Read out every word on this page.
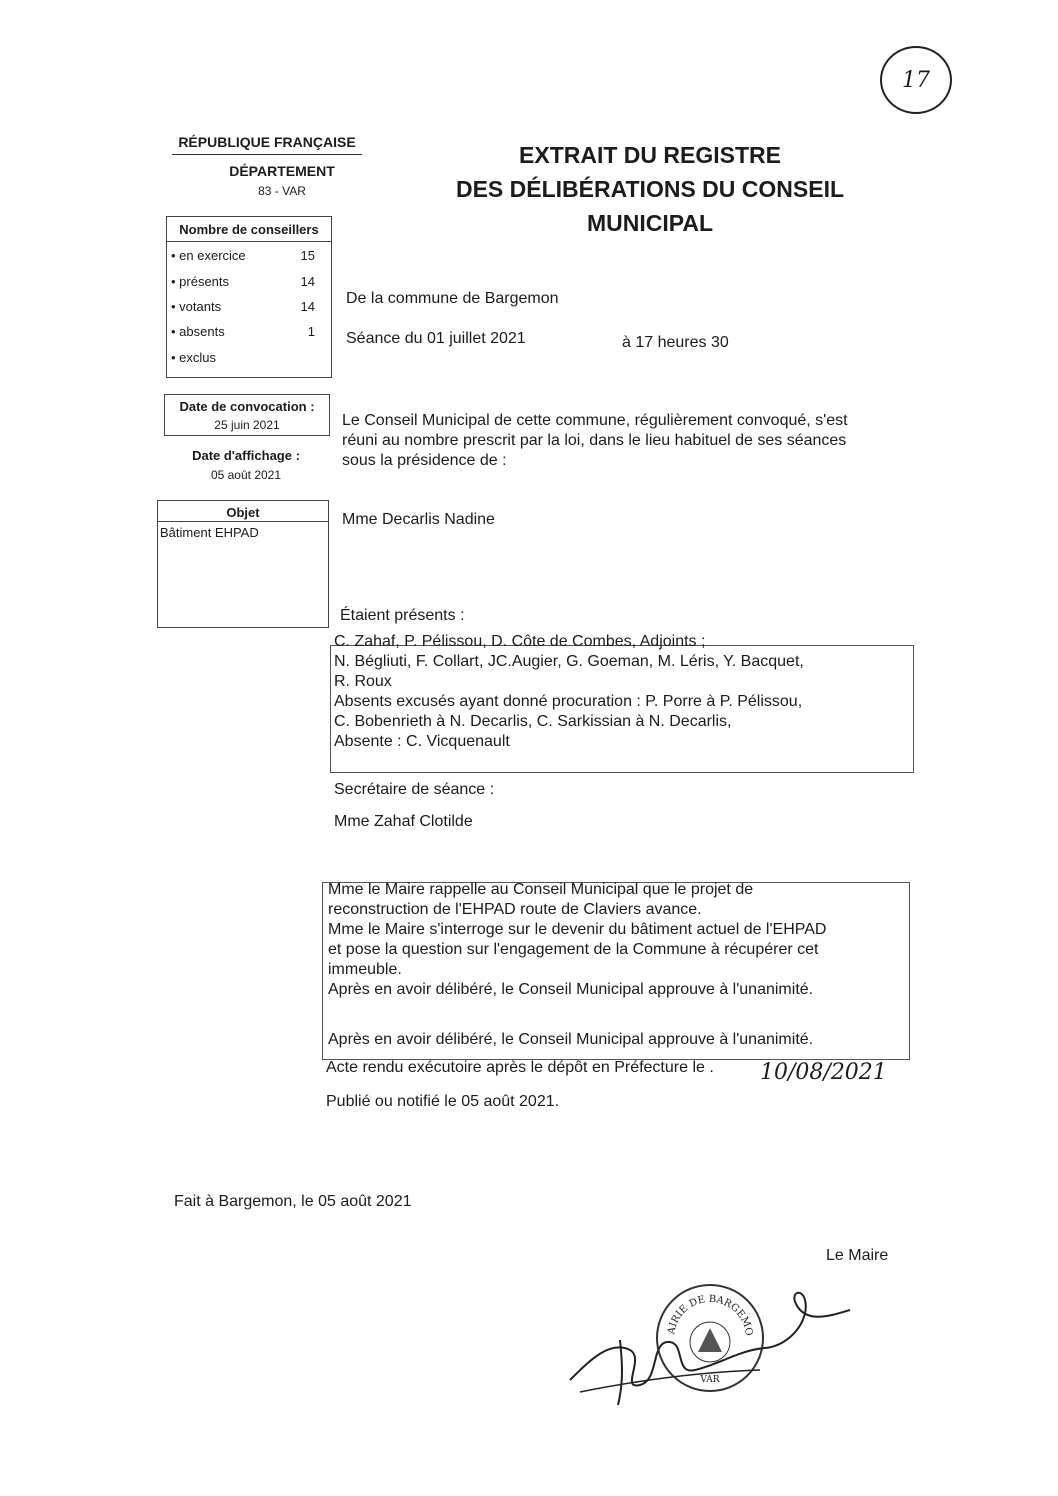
17
RÉPUBLIQUE FRANÇAISE
DÉPARTEMENT
83 - VAR
EXTRAIT DU REGISTRE
DES DÉLIBÉRATIONS DU CONSEIL
MUNICIPAL
Nombre de conseillers
• en exercice	15
• présents	14
• votants	14
• absents	1
• exclus
Date de convocation :
25 juin 2021
Date d'affichage :
05 août 2021
Objet
Bâtiment EHPAD
De la commune de Bargemon
Séance du 01 juillet 2021	à 17 heures 30
Le Conseil Municipal de cette commune, régulièrement convoqué, s'est
réuni au nombre prescrit par la loi, dans le lieu habituel de ses séances
sous la présidence de :
Mme Decarlis Nadine
Étaient présents :
C. Zahaf, P. Pélissou, D. Côte de Combes, Adjoints ;
N. Bégliuti, F. Collart, JC.Augier, G. Goeman, M. Léris, Y. Bacquet,
R. Roux
Absents excusés ayant donné procuration : P. Porre à P. Pélissou,
C. Bobenrieth à N. Decarlis, C. Sarkissian à N. Decarlis,
Absente : C. Vicquenault
Secrétaire de séance :
Mme Zahaf Clotilde
Mme le Maire rappelle au Conseil Municipal que le projet de
reconstruction de l'EHPAD route de Claviers avance.
Mme le Maire s'interroge sur le devenir du bâtiment actuel de l'EHPAD
et pose la question sur l'engagement de la Commune à récupérer cet
immeuble.
Après en avoir délibéré, le Conseil Municipal approuve à l'unanimité.
Après en avoir délibéré, le Conseil Municipal approuve à l'unanimité.
Acte rendu exécutoire après le dépôt en Préfecture le . 10/08/2021
Publié ou notifié le 05 août 2021.
Fait à Bargemon, le 05 août 2021
Le Maire
AIRIE DE BARGEMO
VAR
